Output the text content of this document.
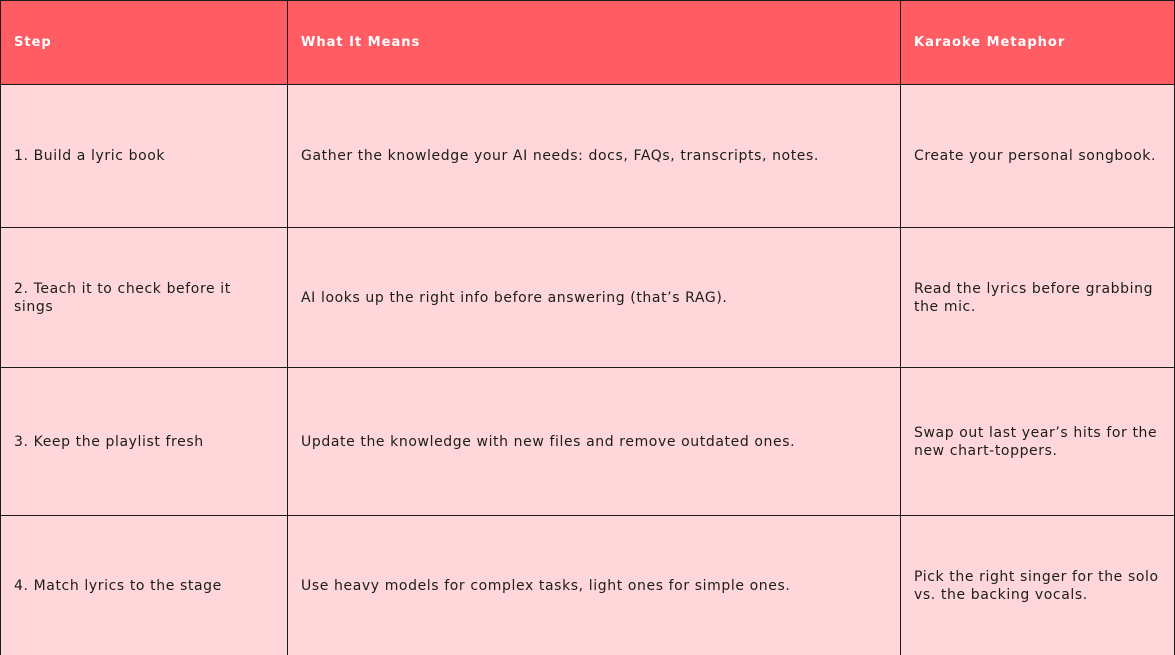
Step	What It Means	Karaoke Metaphor
1. Build a lyric book	Gather the knowledge your AI needs: docs, FAQs, transcripts, notes.	Create your personal songbook.
2. Teach it to check before it sings	AI looks up the right info before answering (that’s RAG).	Read the lyrics before grabbing the mic.
3. Keep the playlist fresh	Update the knowledge with new files and remove outdated ones.	Swap out last year’s hits for the new chart-toppers.
4. Match lyrics to the stage	Use heavy models for complex tasks, light ones for simple ones.	Pick the right singer for the solo vs. the backing vocals.
